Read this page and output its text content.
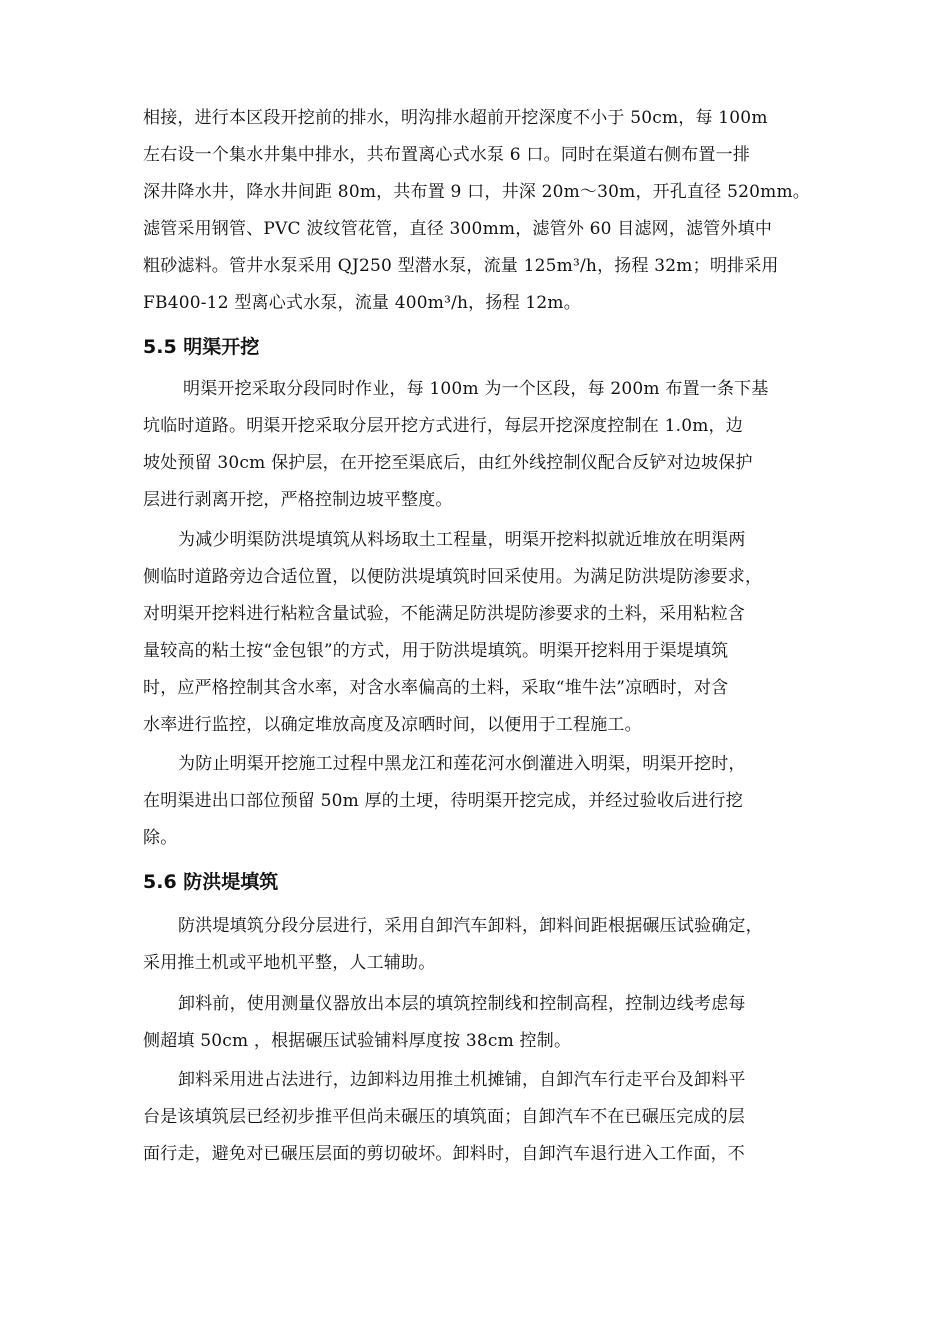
相接，进行本区段开挖前的排水，明沟排水超前开挖深度不小于 50cm，每 100m
左右设一个集水井集中排水，共布置离心式水泵 6 口。同时在渠道右侧布置一排
深井降水井，降水井间距 80m，共布置 9 口，井深 20m～30m，开孔直径 520mm。
滤管采用钢管、PVC 波纹管花管，直径 300mm，滤管外 60 目滤网，滤管外填中
粗砂滤料。管井水泵采用 QJ250 型潜水泵，流量 125m³/h，扬程 32m；明排采用
FB400-12 型离心式水泵，流量 400m³/h，扬程 12m。
5.5 明渠开挖
明渠开挖采取分段同时作业，每 100m 为一个区段，每 200m 布置一条下基
坑临时道路。明渠开挖采取分层开挖方式进行，每层开挖深度控制在 1.0m，边
坡处预留 30cm 保护层，在开挖至渠底后，由红外线控制仪配合反铲对边坡保护
层进行剥离开挖，严格控制边坡平整度。
为减少明渠防洪堤填筑从料场取土工程量，明渠开挖料拟就近堆放在明渠两
侧临时道路旁边合适位置，以便防洪堤填筑时回采使用。为满足防洪堤防渗要求，
对明渠开挖料进行粘粒含量试验，不能满足防洪堤防渗要求的土料，采用粘粒含
量较高的粘土按“金包银”的方式，用于防洪堤填筑。明渠开挖料用于渠堤填筑
时，应严格控制其含水率，对含水率偏高的土料，采取“堆牛法”凉晒时，对含
水率进行监控，以确定堆放高度及凉晒时间，以便用于工程施工。
为防止明渠开挖施工过程中黑龙江和莲花河水倒灌进入明渠，明渠开挖时，
在明渠进出口部位预留 50m 厚的土埂，待明渠开挖完成，并经过验收后进行挖
除。
5.6 防洪堤填筑
防洪堤填筑分段分层进行，采用自卸汽车卸料，卸料间距根据碾压试验确定，
采用推土机或平地机平整，人工辅助。
卸料前，使用测量仪器放出本层的填筑控制线和控制高程，控制边线考虑每
侧超填 50cm ，根据碾压试验铺料厚度按 38cm 控制。
卸料采用进占法进行，边卸料边用推土机摊铺，自卸汽车行走平台及卸料平
台是该填筑层已经初步推平但尚未碾压的填筑面；自卸汽车不在已碾压完成的层
面行走，避免对已碾压层面的剪切破坏。卸料时，自卸汽车退行进入工作面，不
